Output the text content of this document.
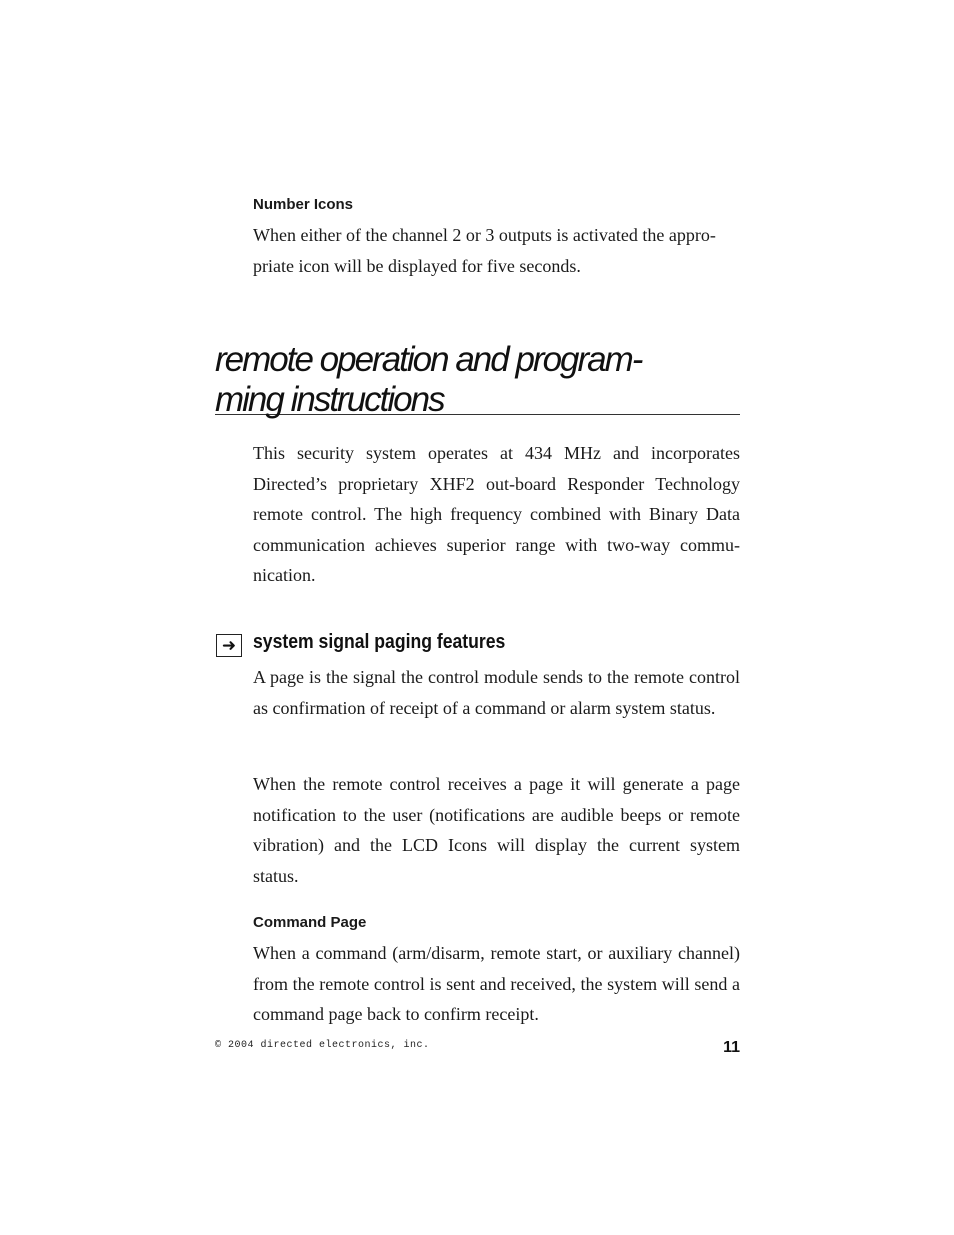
Number Icons

When either of the channel 2 or 3 outputs is activated the appro-
priate icon will be displayed for five seconds.

remote operation and program-
ming instructions

This security system operates at 434 MHz and incorporates Directed’s proprietary XHF2 out-board Responder Technology remote control. The high frequency combined with Binary Data communication achieves superior range with two-way commu-nication.

➜ system signal paging features

A page is the signal the control module sends to the remote control as confirmation of receipt of a command or alarm system status.

When the remote control receives a page it will generate a page notification to the user (notifications are audible beeps or remote vibration) and the LCD Icons will display the current system status.

Command Page

When a command (arm/disarm, remote start, or auxiliary channel) from the remote control is sent and received, the system will send a command page back to confirm receipt.

© 2004 directed electronics, inc.	11
